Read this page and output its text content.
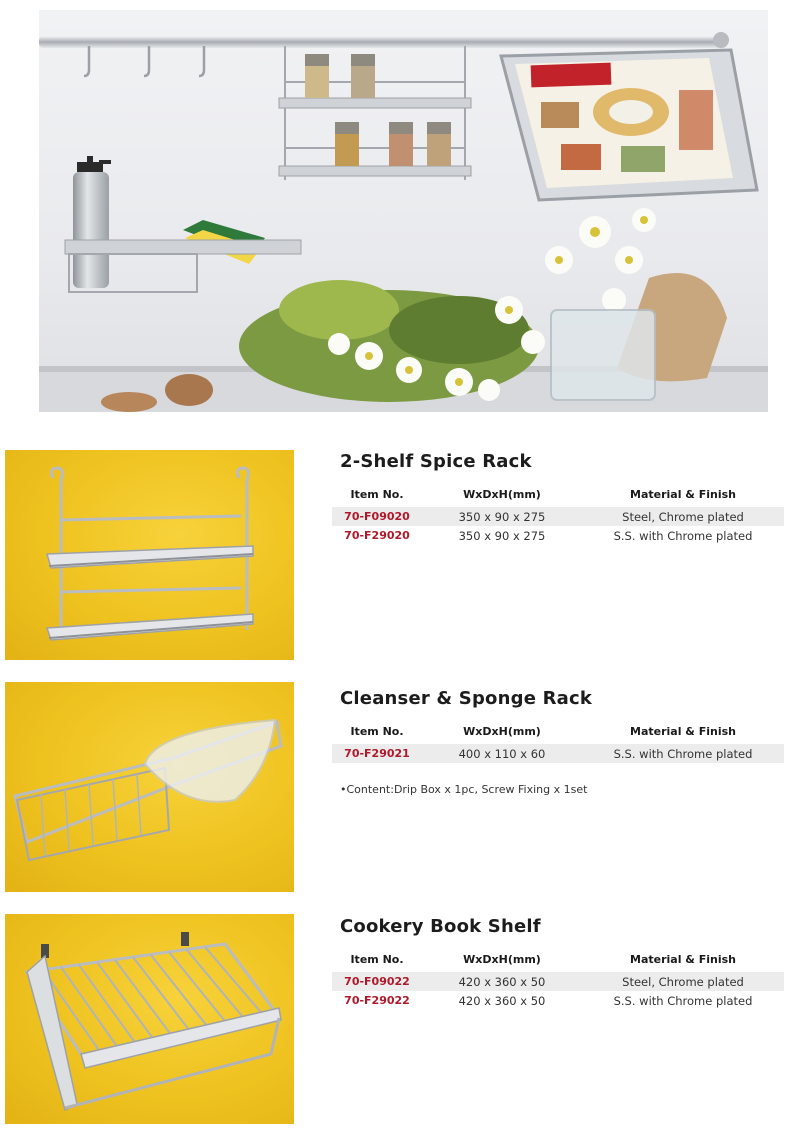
2-Shelf Spice Rack
Item No.	WxDxH(mm)	Material & Finish
70-F09020	350 x 90 x 275	Steel, Chrome plated
70-F29020	350 x 90 x 275	S.S. with Chrome plated
Cleanser & Sponge Rack
Item No.	WxDxH(mm)	Material & Finish
70-F29021	400 x 110 x 60	S.S. with Chrome plated

•Content:Drip Box x 1pc, Screw Fixing x 1set

Cookery Book Shelf
Item No.	WxDxH(mm)	Material & Finish
70-F09022	420 x 360 x 50	Steel, Chrome plated
70-F29022	420 x 360 x 50	S.S. with Chrome plated
